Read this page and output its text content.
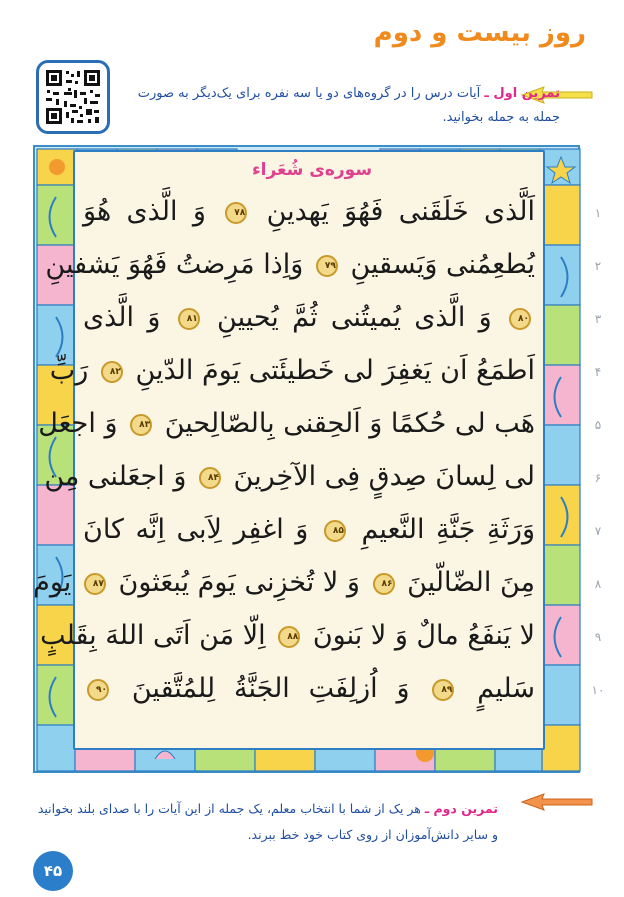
روز بیست و دوم
تمرین اول ـ آیات درس را در گروه‌های دو یا سه نفره برای یک‌دیگر به صورت جمله به جمله بخوانید.
سوره‌ی شُعَراء
اَلَّذی خَلَقَنی فَهُوَ یَهدینِ ٧٨ وَ الَّذی هُوَ	١
یُطعِمُنی وَیَسقینِ ٧٩ وَاِذا مَرِضتُ فَهُوَ یَشفینِ	٢
٨٠ وَ الَّذی یُمیتُنی ثُمَّ یُحیینِ ٨١ وَ الَّذی	٣
اَطمَعُ اَن یَغفِرَ لی خَطیئَتی یَومَ الدّینِ ٨٢ رَبِّ	۴
هَب لی حُکمًا وَ اَلحِقنی بِالصّالِحینَ ٨٣ وَ اجعَل	۵
لی لِسانَ صِدقٍ فِی الآخِرینَ ٨۴ وَ اجعَلنی مِن	۶
وَرَثَةِ جَنَّةِ النَّعیمِ ٨۵ وَ اغفِر لِاَبی اِنَّه کانَ	٧
مِنَ الضّالّینَ ٨۶ وَ لا تُخزِنی یَومَ یُبعَثونَ ٨٧ یَومَ	٨
لا یَنفَعُ مالٌ وَ لا بَنونَ ٨٨ اِلّا مَن اَتَی اللهَ بِقَلبٍ	٩
سَلیمٍ ٨٩ وَ اُزلِفَتِ الجَنَّةُ لِلمُتَّقینَ ٩٠	١٠
تمرین دوم ـ هر یک از شما با انتخاب معلم، یک جمله از این آیات را با صدای بلند بخوانید و سایر دانش‌آموزان از روی کتاب خود خط ببرند.
۴۵
